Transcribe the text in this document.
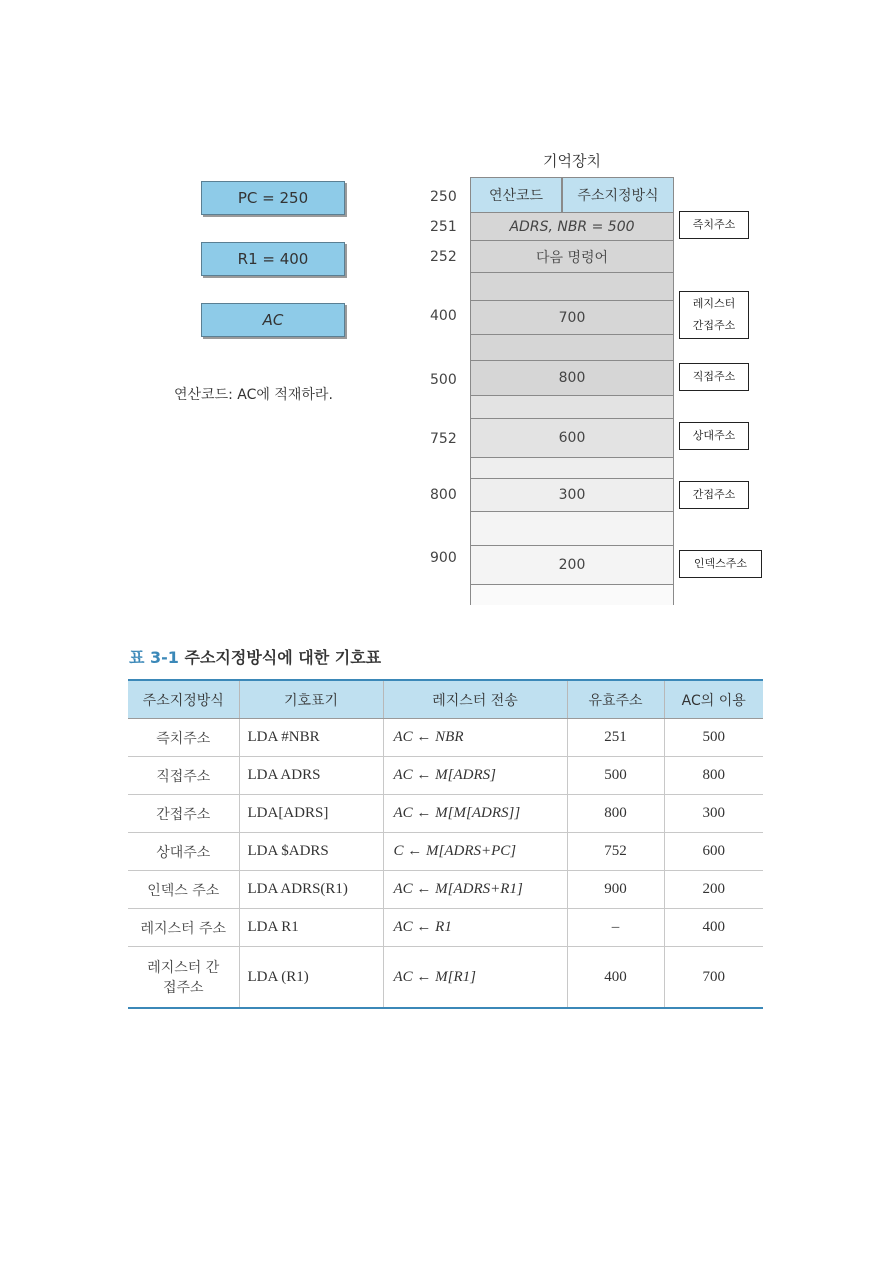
PC = 250
R1 = 400
AC
연산코드: AC에 적재하라.
기억장치
연산코드	주소지정방식
250
251
252
400
500
752
800
900
ADRS, NBR = 500
다음 명령어
700
800
600
300
200
즉치주소
레지스터
간접주소
직접주소
상대주소
간접주소
인덱스주소
표 3-1 주소지정방식에 대한 기호표
주소지정방식	기호표기	레지스터 전송	유효주소	AC의 이용
즉치주소	LDA #NBR	AC ← NBR	251	500
직접주소	LDA ADRS	AC ← M[ADRS]	500	800
간접주소	LDA[ADRS]	AC ← M[M[ADRS]]	800	300
상대주소	LDA $ADRS	C ← M[ADRS+PC]	752	600
인덱스 주소	LDA ADRS(R1)	AC ← M[ADRS+R1]	900	200
레지스터 주소	LDA R1	AC ← R1	–	400
레지스터 간접주소	LDA (R1)	AC ← M[R1]	400	700
